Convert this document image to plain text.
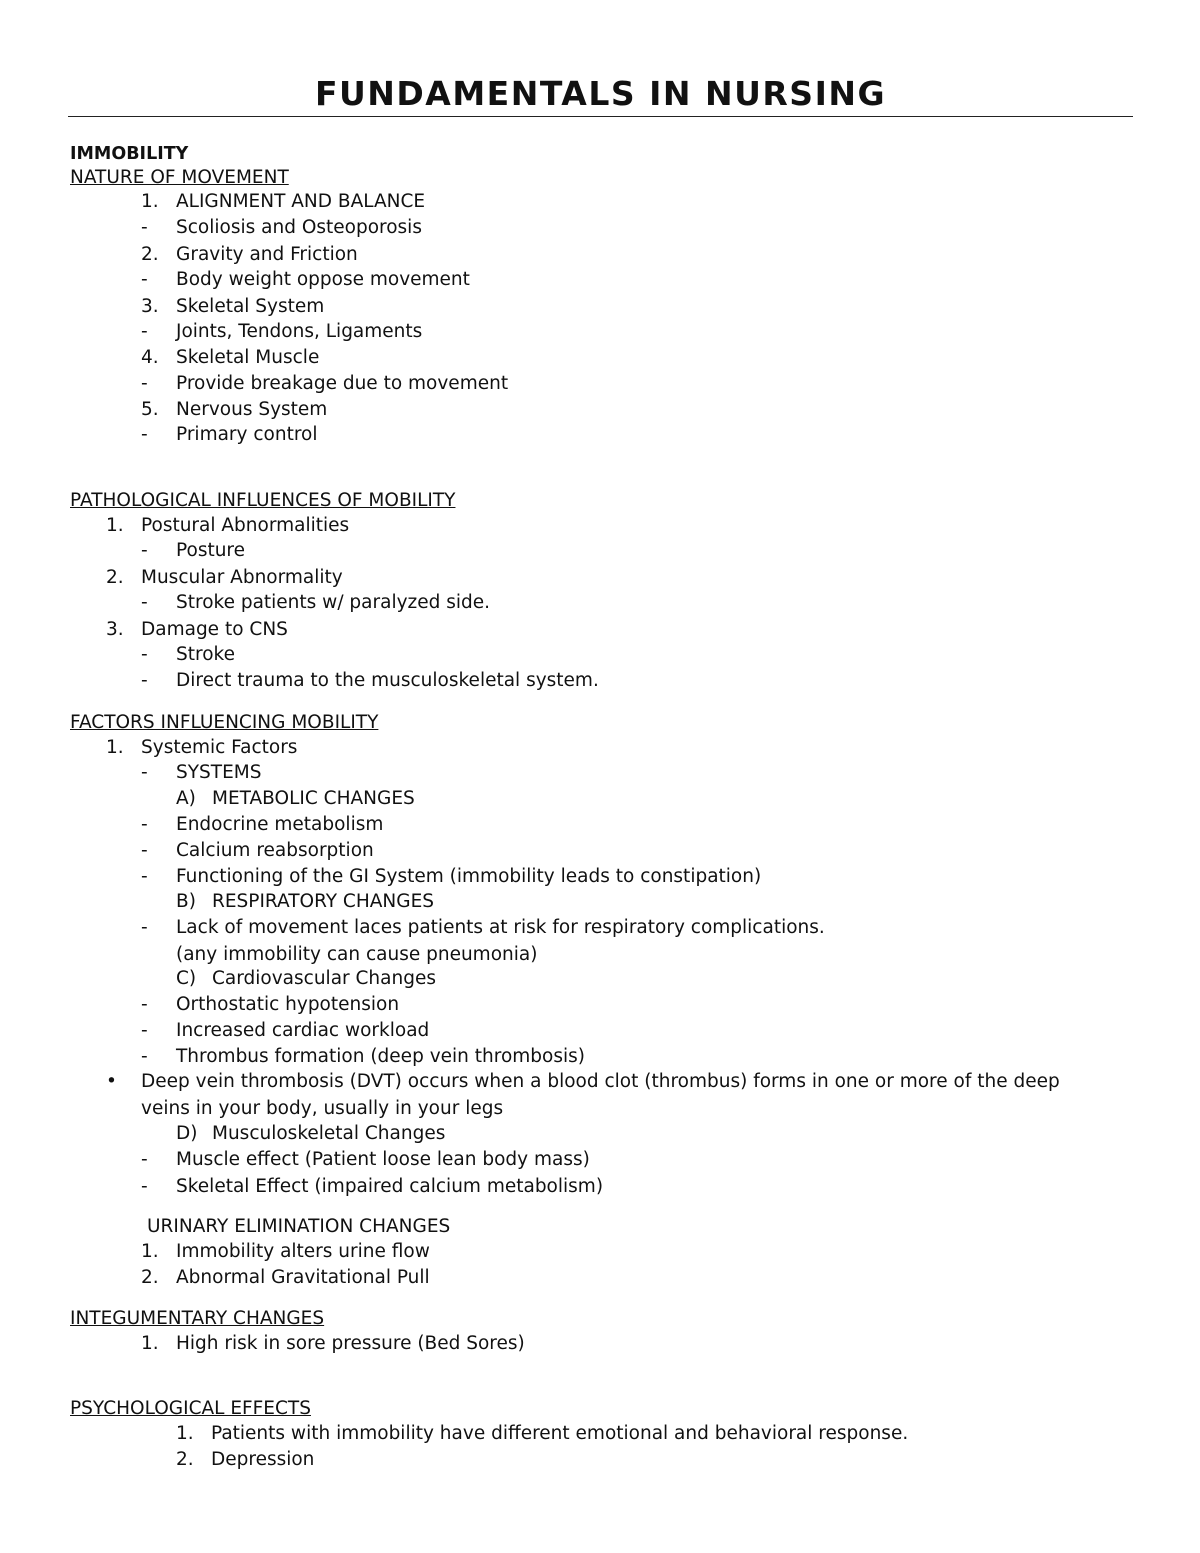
FUNDAMENTALS IN NURSING
IMMOBILITY
NATURE OF MOVEMENT
1. ALIGNMENT AND BALANCE
- Scoliosis and Osteoporosis
2. Gravity and Friction
- Body weight oppose movement
3. Skeletal System
- Joints, Tendons, Ligaments
4. Skeletal Muscle
- Provide breakage due to movement
5. Nervous System
- Primary control
PATHOLOGICAL INFLUENCES OF MOBILITY
1. Postural Abnormalities
- Posture
2. Muscular Abnormality
- Stroke patients w/ paralyzed side.
3. Damage to CNS
- Stroke
- Direct trauma to the musculoskeletal system.
FACTORS INFLUENCING MOBILITY
1. Systemic Factors
- SYSTEMS
A) METABOLIC CHANGES
- Endocrine metabolism
- Calcium reabsorption
- Functioning of the GI System (immobility leads to constipation)
B) RESPIRATORY CHANGES
- Lack of movement laces patients at risk for respiratory complications.
(any immobility can cause pneumonia)
C) Cardiovascular Changes
- Orthostatic hypotension
- Increased cardiac workload
- Thrombus formation (deep vein thrombosis)
• Deep vein thrombosis (DVT) occurs when a blood clot (thrombus) forms in one or more of the deep
veins in your body, usually in your legs
D) Musculoskeletal Changes
- Muscle effect (Patient loose lean body mass)
- Skeletal Effect (impaired calcium metabolism)
URINARY ELIMINATION CHANGES
1. Immobility alters urine flow
2. Abnormal Gravitational Pull
INTEGUMENTARY CHANGES
1. High risk in sore pressure (Bed Sores)
PSYCHOLOGICAL EFFECTS
1. Patients with immobility have different emotional and behavioral response.
2. Depression
